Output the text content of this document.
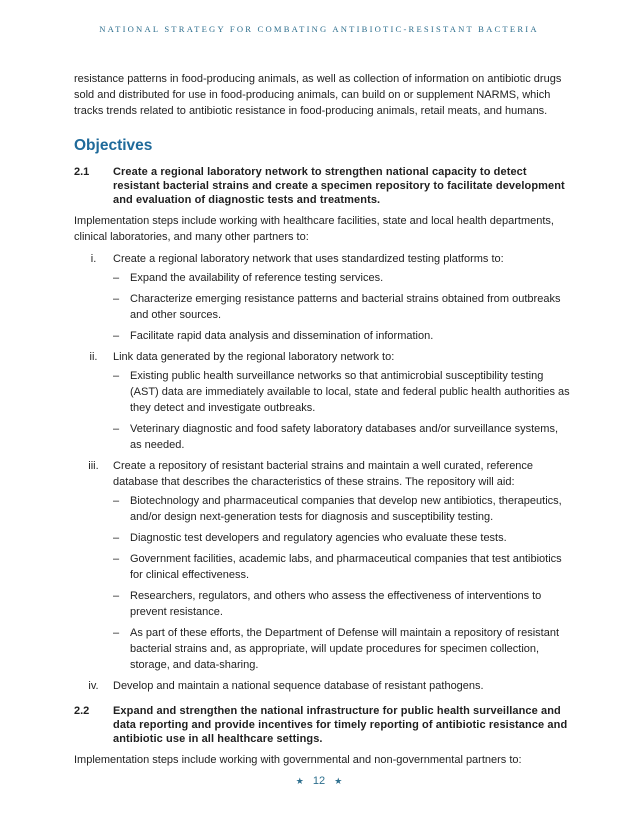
NATIONAL STRATEGY FOR COMBATING ANTIBIOTIC-RESISTANT BACTERIA

resistance patterns in food-producing animals, as well as collection of information on antibiotic drugs sold and distributed for use in food-producing animals, can build on or supplement NARMS, which tracks trends related to antibiotic resistance in food-producing animals, retail meats, and humans.

Objectives
2.1	Create a regional laboratory network to strengthen national capacity to detect resistant bacterial strains and create a specimen repository to facilitate development and evaluation of diagnostic tests and treatments.

Implementation steps include working with healthcare facilities, state and local health departments, clinical laboratories, and many other partners to:

i.	Create a regional laboratory network that uses standardized testing platforms to:
– Expand the availability of reference testing services.
– Characterize emerging resistance patterns and bacterial strains obtained from outbreaks and other sources.
– Facilitate rapid data analysis and dissemination of information.
ii.	Link data generated by the regional laboratory network to:
– Existing public health surveillance networks so that antimicrobial susceptibility testing (AST) data are immediately available to local, state and federal public health authorities as they detect and investigate outbreaks.
– Veterinary diagnostic and food safety laboratory databases and/or surveillance systems, as needed.
iii.	Create a repository of resistant bacterial strains and maintain a well curated, reference database that describes the characteristics of these strains. The repository will aid:
– Biotechnology and pharmaceutical companies that develop new antibiotics, therapeutics, and/or design next-generation tests for diagnosis and susceptibility testing.
– Diagnostic test developers and regulatory agencies who evaluate these tests.
– Government facilities, academic labs, and pharmaceutical companies that test antibiotics for clinical effectiveness.
– Researchers, regulators, and others who assess the effectiveness of interventions to prevent resistance.
– As part of these efforts, the Department of Defense will maintain a repository of resistant bacterial strains and, as appropriate, will update procedures for specimen collection, storage, and data-sharing.
iv.	Develop and maintain a national sequence database of resistant pathogens.
2.2	Expand and strengthen the national infrastructure for public health surveillance and data reporting and provide incentives for timely reporting of antibiotic resistance and antibiotic use in all healthcare settings.

Implementation steps include working with governmental and non-governmental partners to:

★ 12 ★
